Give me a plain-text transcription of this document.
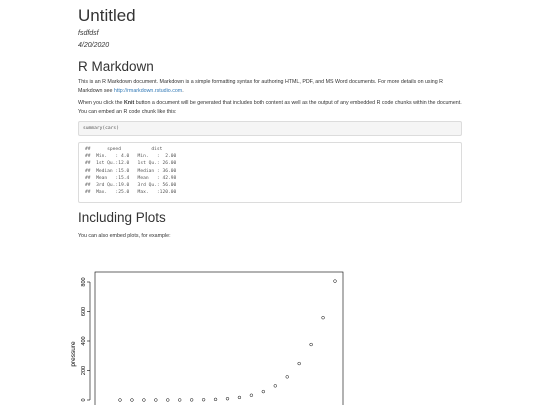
Untitled
fsdfdsf
4/20/2020
R Markdown

This is an R Markdown document. Markdown is a simple formatting syntax for authoring HTML, PDF, and MS Word documents. For more details on using R Markdown see http://rmarkdown.rstudio.com.

When you click the Knit button a document will be generated that includes both content as well as the output of any embedded R code chunks within the document. You can embed an R code chunk like this:

summary(cars)
##      speed           dist
##  Min.   : 4.0   Min.   :  2.00
##  1st Qu.:12.0   1st Qu.: 26.00
##  Median :15.0   Median : 36.00
##  Mean   :15.4   Mean   : 42.98
##  3rd Qu.:19.0   3rd Qu.: 56.00
##  Max.   :25.0   Max.   :120.00
Including Plots

You can also embed plots, for example:

0
200
400
600
800
pressure
